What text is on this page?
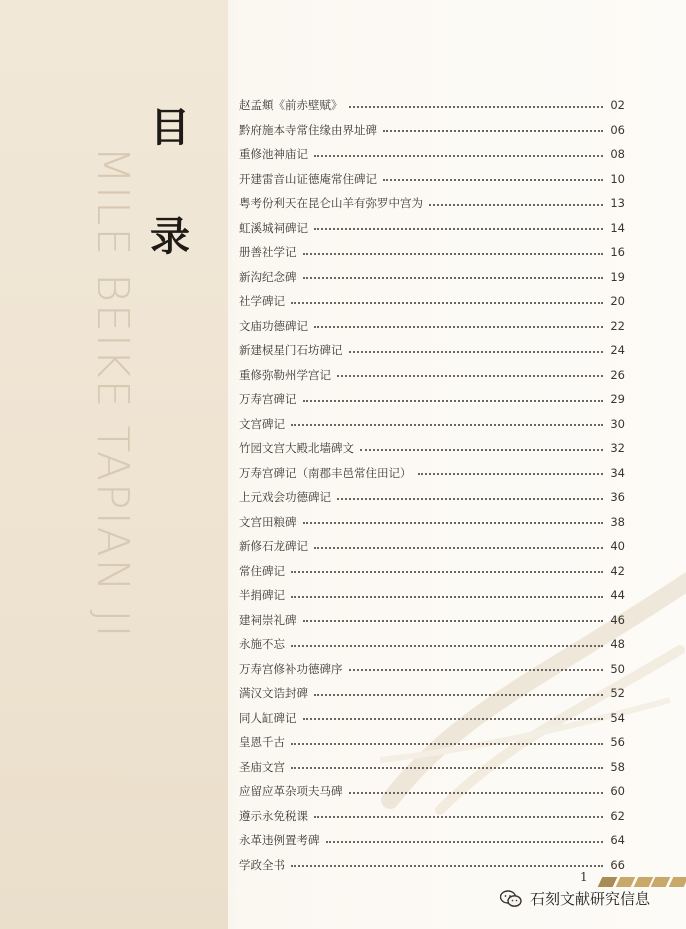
MILE BEIKE TAPIAN JI
目
录
赵孟頫《前赤壁赋》	02
黔府施本寺常住缘由界址碑	06
重修池神庙记	08
开建雷音山证德庵常住碑记	10
粤考份利天在昆仑山羊有弥罗中宫为	13
虹溪城祠碑记	14
册善社学记	16
新沟纪念碑	19
社学碑记	20
文庙功德碑记	22
新建棂星门石坊碑记	24
重修弥勒州学宫记	26
万寿宫碑记	29
文宫碑记	30
竹园文宫大殿北墙碑文	32
万寿宫碑记（南郡丰邑常住田记）	34
上元戏会功德碑记	36
文宫田粮碑	38
新修石龙碑记	40
常住碑记	42
半捐碑记	44
建祠崇礼碑	46
永施不忘	48
万寿宫修补功德碑序	50
满汉文诰封碑	52
同人缸碑记	54
皇恩千古	56
圣庙文宫	58
应留应革杂项夫马碑	60
遵示永免税课	62
永革违例置考碑	64
学政全书	66
1
石刻文献研究信息
